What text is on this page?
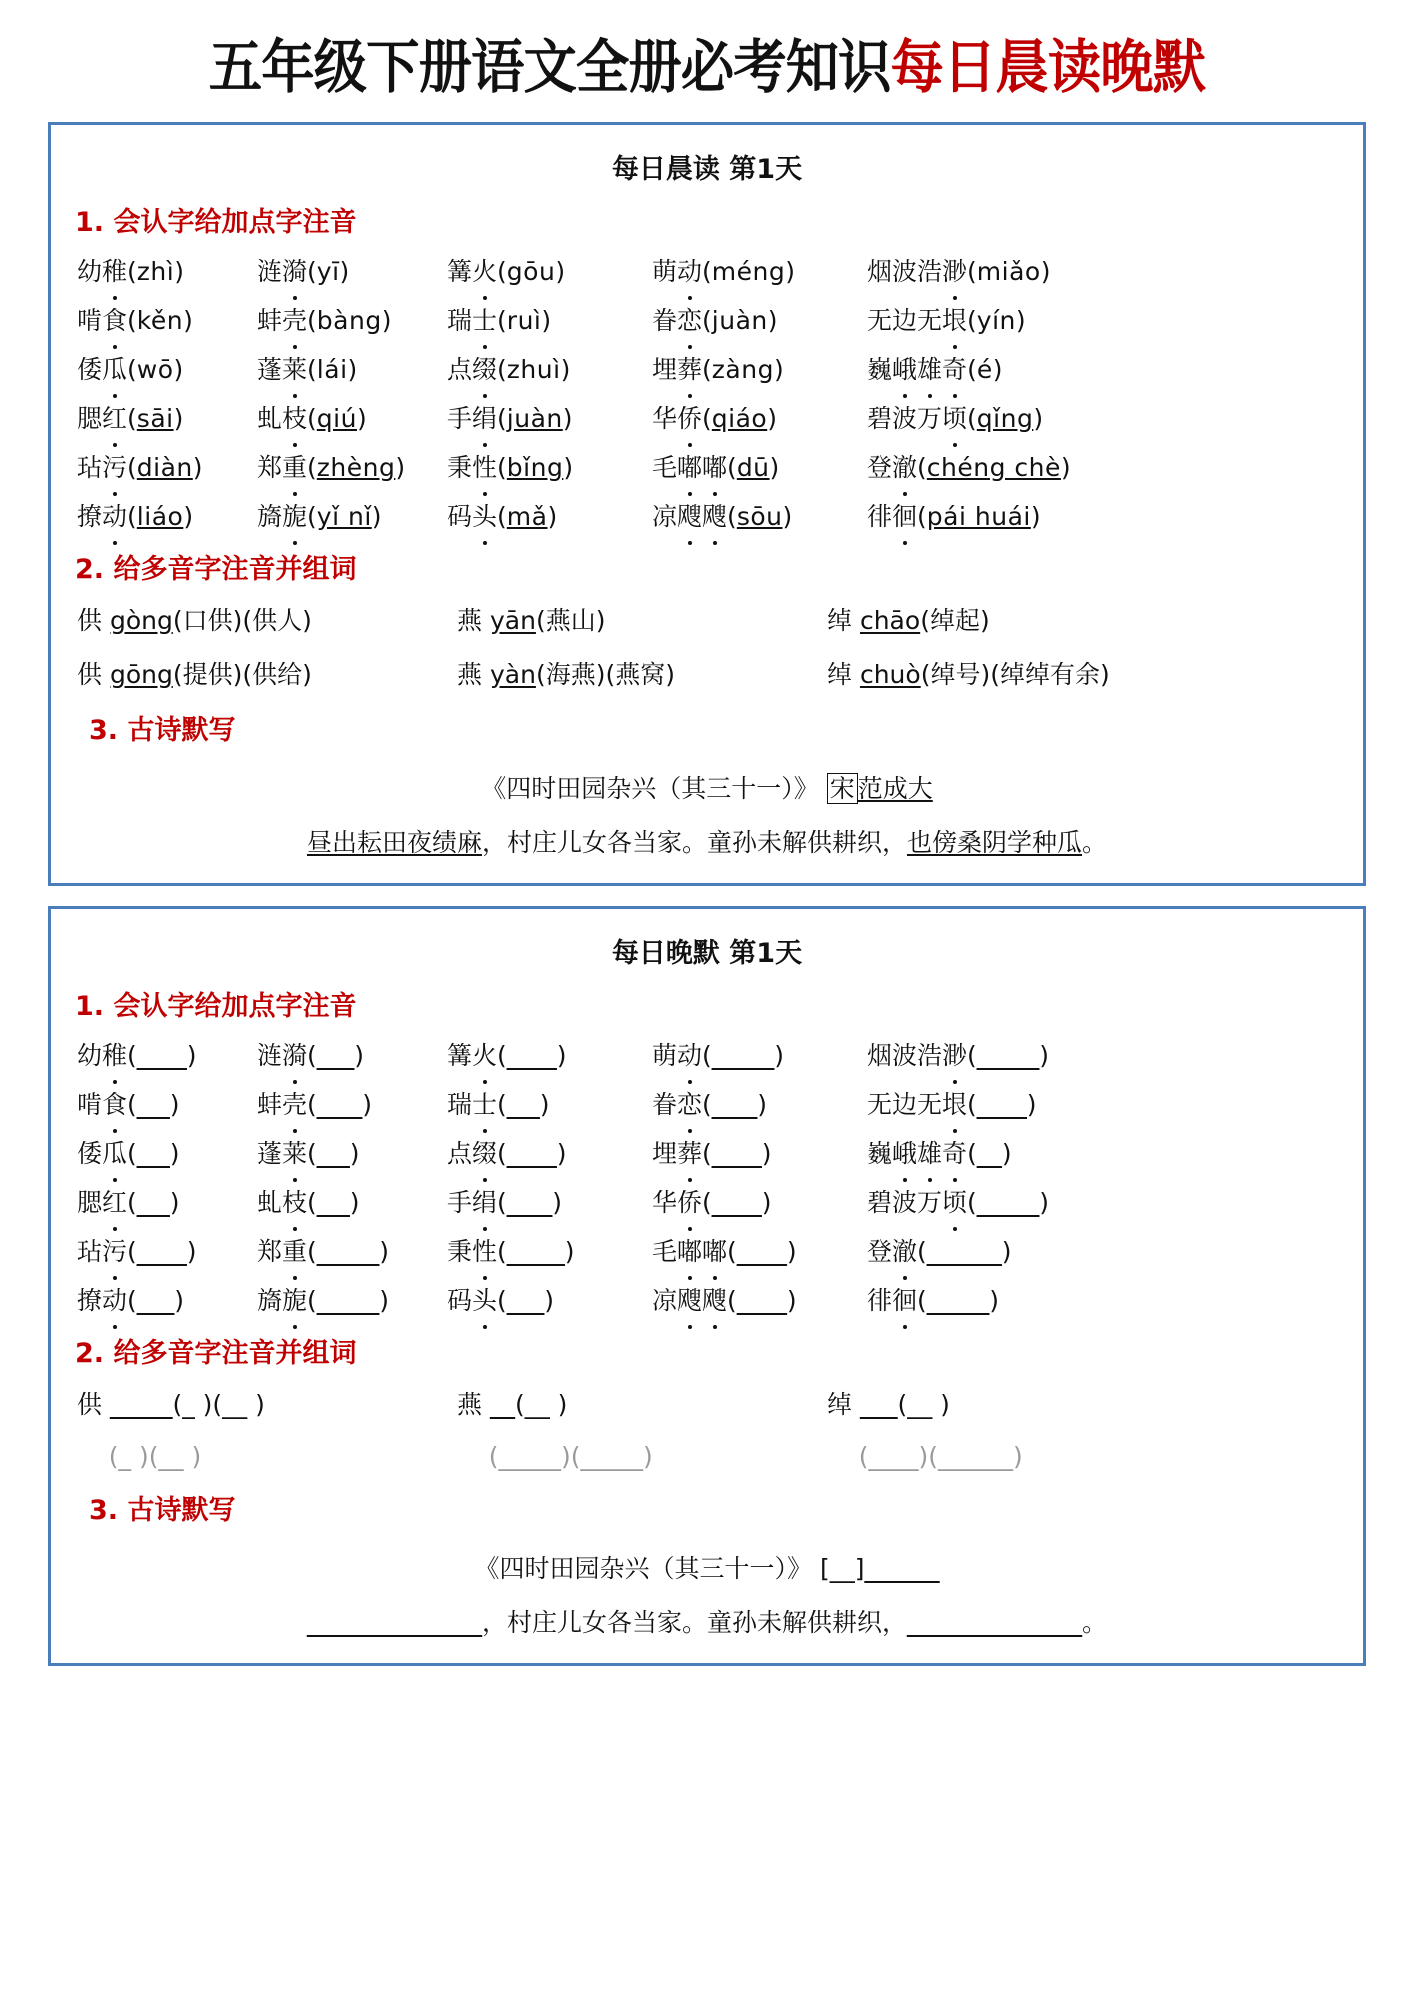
五年级下册语文全册必考知识每日晨读晚默
每日晨读 第1天
1. 会认字给加点字注音
幼稚(zhì)	涟漪(yī)	篝火(gōu)	萌动(méng)	烟波浩渺(miǎo)
啃食(kěn)	蚌壳(bàng)	瑞士(ruì)	眷恋(juàn)	无边无垠(yín)
倭瓜(wō)	蓬莱(lái)	点缀(zhuì)	埋葬(zàng)	巍峨雄奇(é)
腮红(sāi)	虬枝(qiú)	手绢(juàn)	华侨(qiáo)	碧波万顷(qǐng)
玷污(diàn)	郑重(zhèng)	秉性(bǐng)	毛嘟嘟(dū)	登澈(chéng chè)
撩动(liáo)	旖旎(yǐ nǐ)	码头(mǎ)	凉飕飕(sōu)	徘徊(pái huái)
2. 给多音字注音并组词
供 gòng(口供)(供人)	燕 yān(燕山)	绰 chāo(绰起)
供 gōng(提供)(供给)	燕 yàn(海燕)(燕窝)	绰 chuò(绰号)(绰绰有余)
3. 古诗默写
《四时田园杂兴（其三十一）》 宋 范成大
昼出耘田夜绩麻，村庄儿女各当家。童孙未解供耕织，也傍桑阴学种瓜。
每日晚默 第1天
1. 会认字给加点字注音
幼稚(____)	涟漪(___)	篝火(____)	萌动(_____)	烟波浩渺(_____)
啃食(_ _)	蚌壳(__ _)	瑞士(_ _)	眷恋(__ _)	无边无垠(____)
倭瓜(_ _)	蓬莱(_ _)	点缀(____)	埋葬(____)	巍峨雄奇(__)
腮红(_ _)	虬枝(_ _)	手绢(__ _)	华侨(____)	碧波万顷(_____)
玷污(____)	郑重(_____)	秉性(__ __)	毛嘟嘟(____)	登澈(______)
撩动(___)	旖旎(_____)	码头(___)	凉飕飕(____)	徘徊(_____)
2. 给多音字注音并组词
供 _____(_ )(__ )	燕 __(__ )	绰 ___(__ )
(_ )(__ )	(_____)(_____)	(____)(______)
3. 古诗默写
《四时田园杂兴（其三十一）》 [__]______
______________，村庄儿女各当家。童孙未解供耕织，______________。
